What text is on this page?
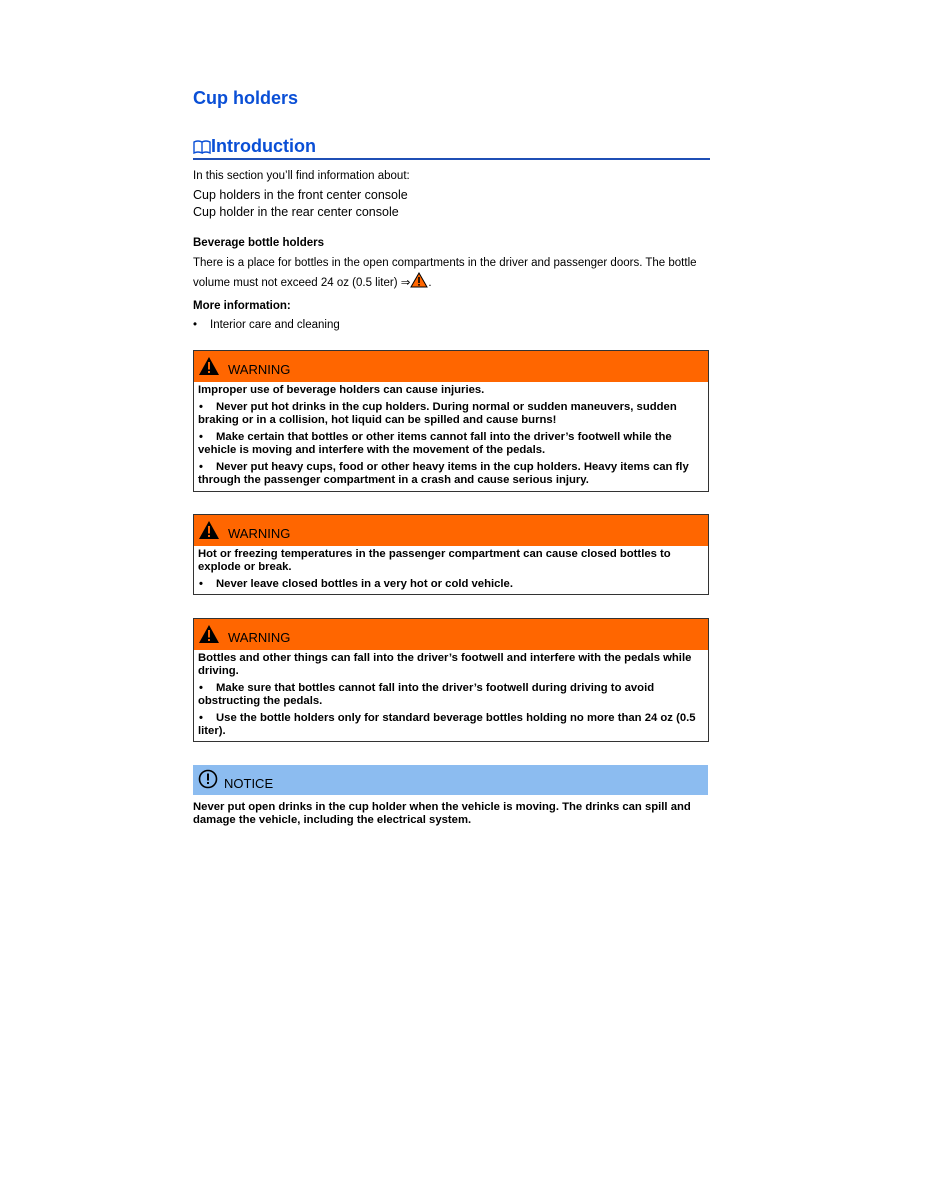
Cup holders
Introduction
In this section you’ll find information about:
Cup holders in the front center console
Cup holder in the rear center console
Beverage bottle holders
There is a place for bottles in the open compartments in the driver and passenger doors. The bottle
volume must not exceed 24 oz (0.5 liter) ⇒ .
More information:
• Interior care and cleaning
WARNING
Improper use of beverage holders can cause injuries.
• Never put hot drinks in the cup holders. During normal or sudden maneuvers, sudden braking or in a collision, hot liquid can be spilled and cause burns!
• Make certain that bottles or other items cannot fall into the driver’s footwell while the vehicle is moving and interfere with the movement of the pedals.
• Never put heavy cups, food or other heavy items in the cup holders. Heavy items can fly through the passenger compartment in a crash and cause serious injury.
WARNING
Hot or freezing temperatures in the passenger compartment can cause closed bottles to explode or break.
• Never leave closed bottles in a very hot or cold vehicle.
WARNING
Bottles and other things can fall into the driver’s footwell and interfere with the pedals while driving.
• Make sure that bottles cannot fall into the driver’s footwell during driving to avoid obstructing the pedals.
• Use the bottle holders only for standard beverage bottles holding no more than 24 oz (0.5 liter).
NOTICE
Never put open drinks in the cup holder when the vehicle is moving. The drinks can spill and damage the vehicle, including the electrical system.
